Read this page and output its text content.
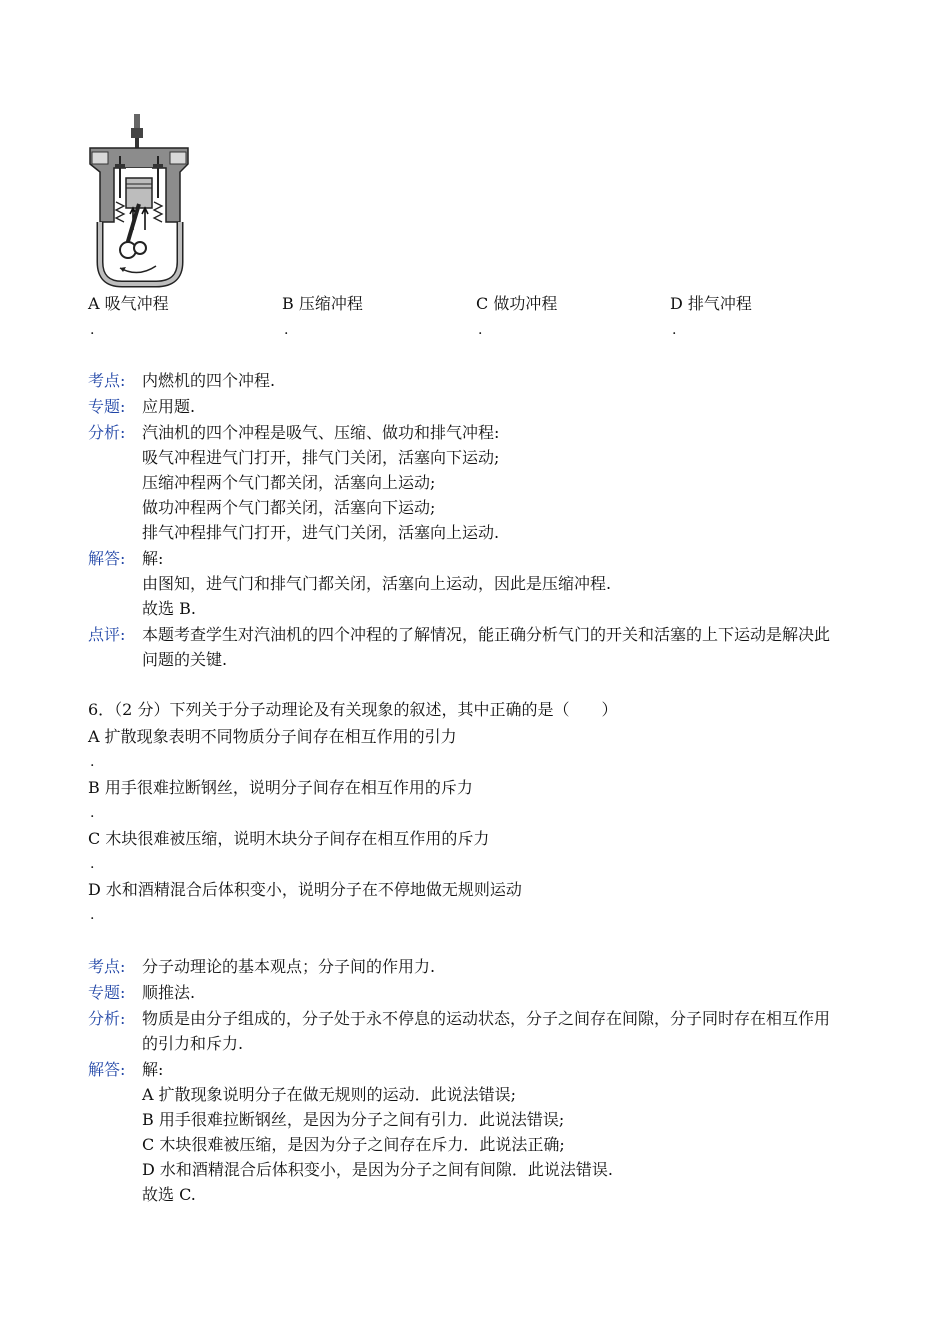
A 吸气冲程
.
B 压缩冲程
.
C 做功冲程
.
D 排气冲程
.
考点: 内燃机的四个冲程.
专题: 应用题.
分析: 汽油机的四个冲程是吸气、压缩、做功和排气冲程:
吸气冲程进气门打开，排气门关闭，活塞向下运动;
压缩冲程两个气门都关闭，活塞向上运动;
做功冲程两个气门都关闭，活塞向下运动;
排气冲程排气门打开，进气门关闭，活塞向上运动.
解答: 解:
由图知，进气门和排气门都关闭，活塞向上运动，因此是压缩冲程.
故选 B.
点评: 本题考查学生对汽油机的四个冲程的了解情况，能正确分析气门的开关和活塞的上下运动是解决此
问题的关键.
6．（2 分）下列关于分子动理论及有关现象的叙述，其中正确的是（　　）
A 扩散现象表明不同物质分子间存在相互作用的引力
.
B 用手很难拉断钢丝，说明分子间存在相互作用的斥力
.
C 木块很难被压缩，说明木块分子间存在相互作用的斥力
.
D 水和酒精混合后体积变小，说明分子在不停地做无规则运动
.
考点: 分子动理论的基本观点；分子间的作用力.
专题: 顺推法.
分析: 物质是由分子组成的，分子处于永不停息的运动状态，分子之间存在间隙，分子同时存在相互作用
的引力和斥力.
解答: 解:
A 扩散现象说明分子在做无规则的运动．此说法错误;
B 用手很难拉断钢丝，是因为分子之间有引力．此说法错误;
C 木块很难被压缩，是因为分子之间存在斥力．此说法正确;
D 水和酒精混合后体积变小，是因为分子之间有间隙．此说法错误.
故选 C.
